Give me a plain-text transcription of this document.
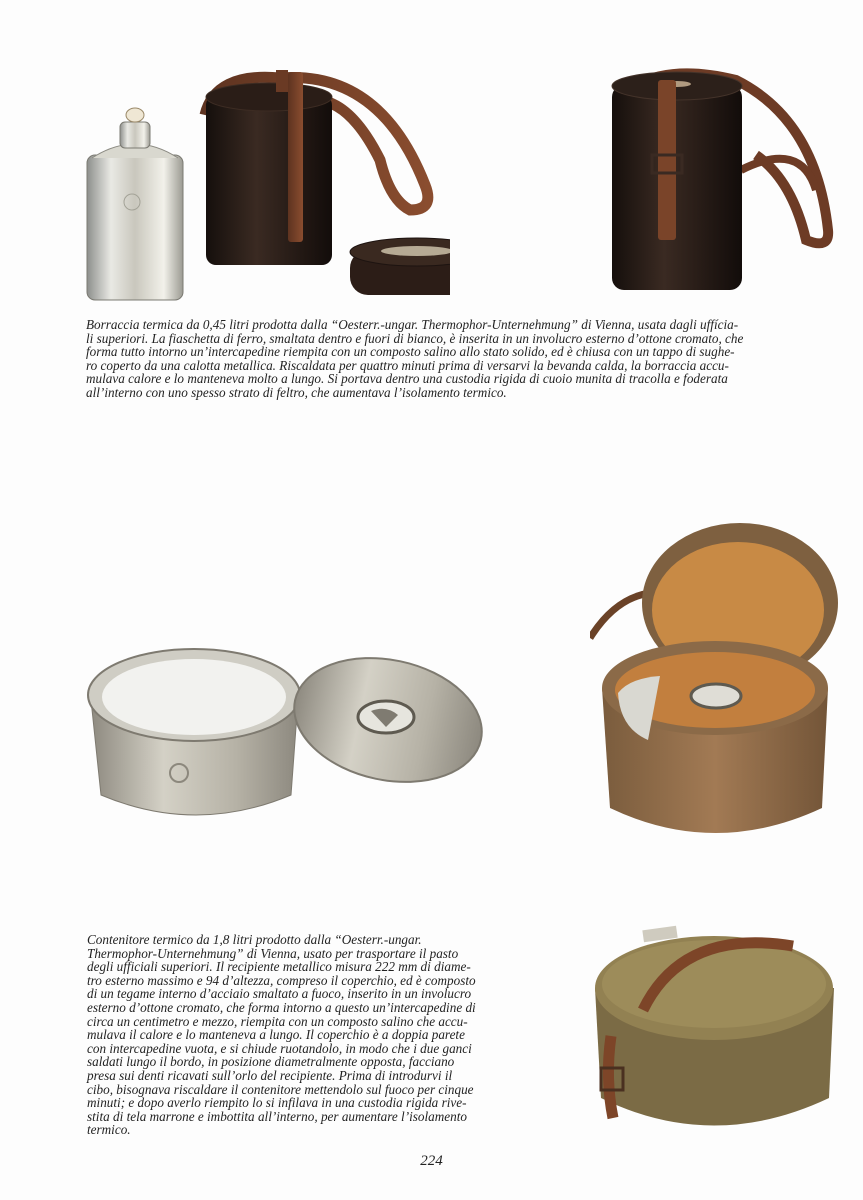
Borraccia termica da 0,45 litri prodotta dalla “Oesterr.-ungar. Thermophor-Unternehmung” di Vienna, usata dagli uffícia-
li superiori. La fiaschetta di ferro, smaltata dentro e fuori di bianco, è inserita in un involucro esterno d’ottone cromato, che
forma tutto intorno un’intercapedine riempita con un composto salino allo stato solido, ed è chiusa con un tappo di sughe-
ro coperto da una calotta metallica. Riscaldata per quattro minuti prima di versarvi la bevanda calda, la borraccia accu-
mulava calore e lo manteneva molto a lungo. Si portava dentro una custodia rigida di cuoio munita di tracolla e foderata
all’interno con uno spesso strato di feltro, che aumentava l’isolamento termico.
Contenitore termico da 1,8 litri prodotto dalla “Oesterr.-ungar.
Thermophor-Unternehmung” di Vienna, usato per trasportare il pasto
degli ufficiali superiori. Il recipiente metallico misura 222 mm di diame-
tro esterno massimo e 94 d’altezza, compreso il coperchio, ed è composto
di un tegame interno d’acciaio smaltato a fuoco, inserito in un involucro
esterno d’ottone cromato, che forma intorno a questo un’intercapedine di
circa un centimetro e mezzo, riempita con un composto salino che accu-
mulava il calore e lo manteneva a lungo. Il coperchio è a doppia parete
con intercapedine vuota, e si chiude ruotandolo, in modo che i due ganci
saldati lungo il bordo, in posizione diametralmente opposta, facciano
presa sui denti ricavati sull’orlo del recipiente. Prima di introdurvi il
cibo, bisognava riscaldare il contenitore mettendolo sul fuoco per cinque
minuti; e dopo averlo riempito lo si infilava in una custodia rigida rive-
stita di tela marrone e imbottita all’interno, per aumentare l’isolamento
termico.
224
